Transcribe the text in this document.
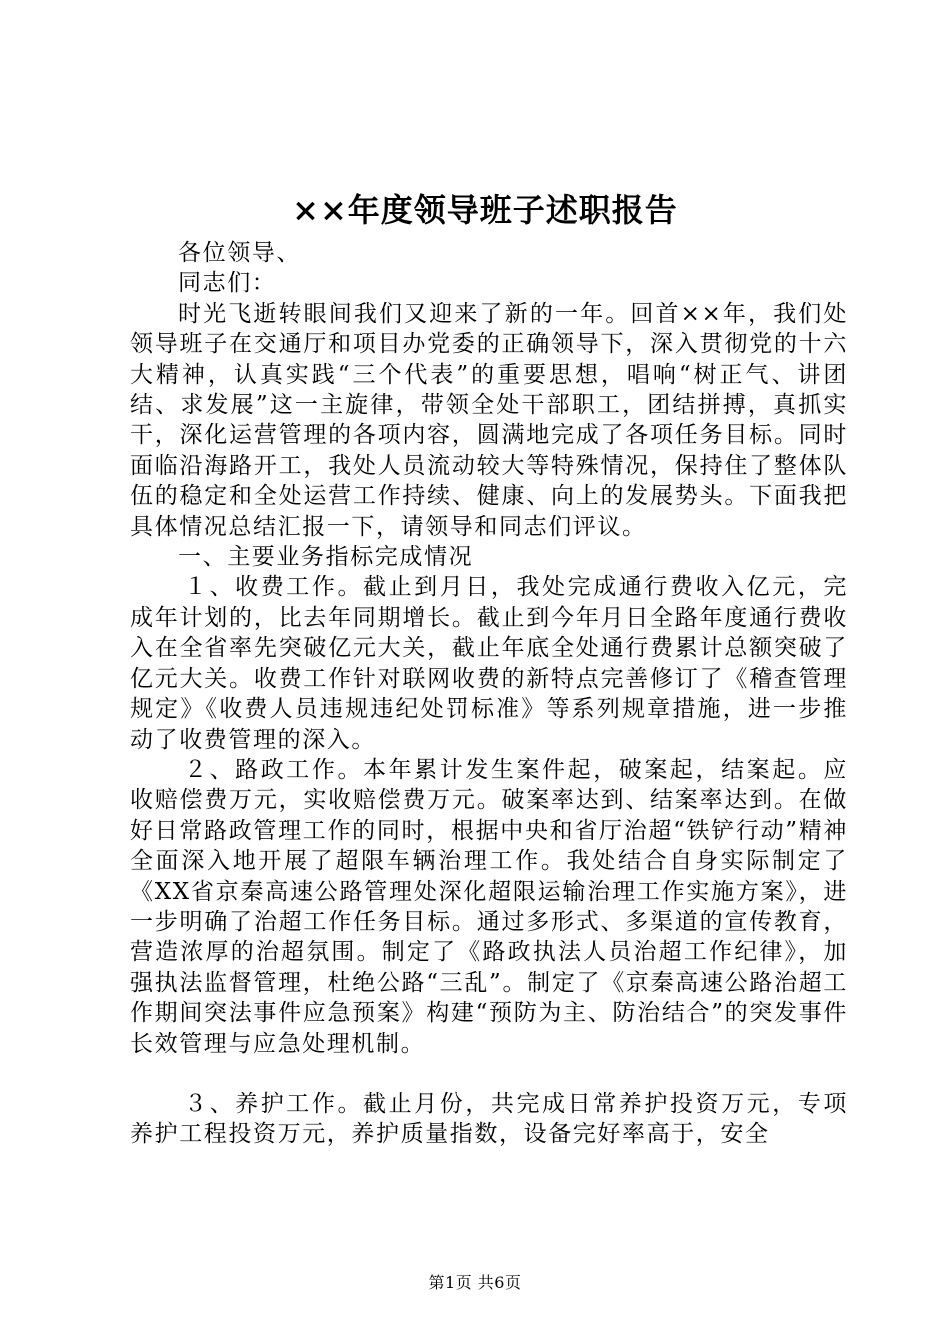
××年度领导班子述职报告

各位领导、

同志们：

时光飞逝转眼间我们又迎来了新的一年。回首××年，我们处领导班子在交通厅和项目办党委的正确领导下，深入贯彻党的十六大精神，认真实践“三个代表”的重要思想，唱响“树正气、讲团结、求发展”这一主旋律，带领全处干部职工，团结拼搏，真抓实干，深化运营管理的各项内容，圆满地完成了各项任务目标。同时面临沿海路开工，我处人员流动较大等特殊情况，保持住了整体队伍的稳定和全处运营工作持续、健康、向上的发展势头。下面我把具体情况总结汇报一下，请领导和同志们评议。

一、主要业务指标完成情况

１、收费工作。截止到月日，我处完成通行费收入亿元，完成年计划的，比去年同期增长。截止到今年月日全路年度通行费收入在全省率先突破亿元大关，截止年底全处通行费累计总额突破了亿元大关。收费工作针对联网收费的新特点完善修订了《稽查管理规定》《收费人员违规违纪处罚标准》等系列规章措施，进一步推动了收费管理的深入。

２、路政工作。本年累计发生案件起，破案起，结案起。应收赔偿费万元，实收赔偿费万元。破案率达到、结案率达到。在做好日常路政管理工作的同时，根据中央和省厅治超“铁铲行动”精神全面深入地开展了超限车辆治理工作。我处结合自身实际制定了《XX省京秦高速公路管理处深化超限运输治理工作实施方案》，进一步明确了治超工作任务目标。通过多形式、多渠道的宣传教育，营造浓厚的治超氛围。制定了《路政执法人员治超工作纪律》，加强执法监督管理，杜绝公路“三乱”。制定了《京秦高速公路治超工作期间突法事件应急预案》构建“预防为主、防治结合”的突发事件长效管理与应急处理机制。

３、养护工作。截止月份，共完成日常养护投资万元，专项养护工程投资万元，养护质量指数，设备完好率高于，安全

第1页 共6页
